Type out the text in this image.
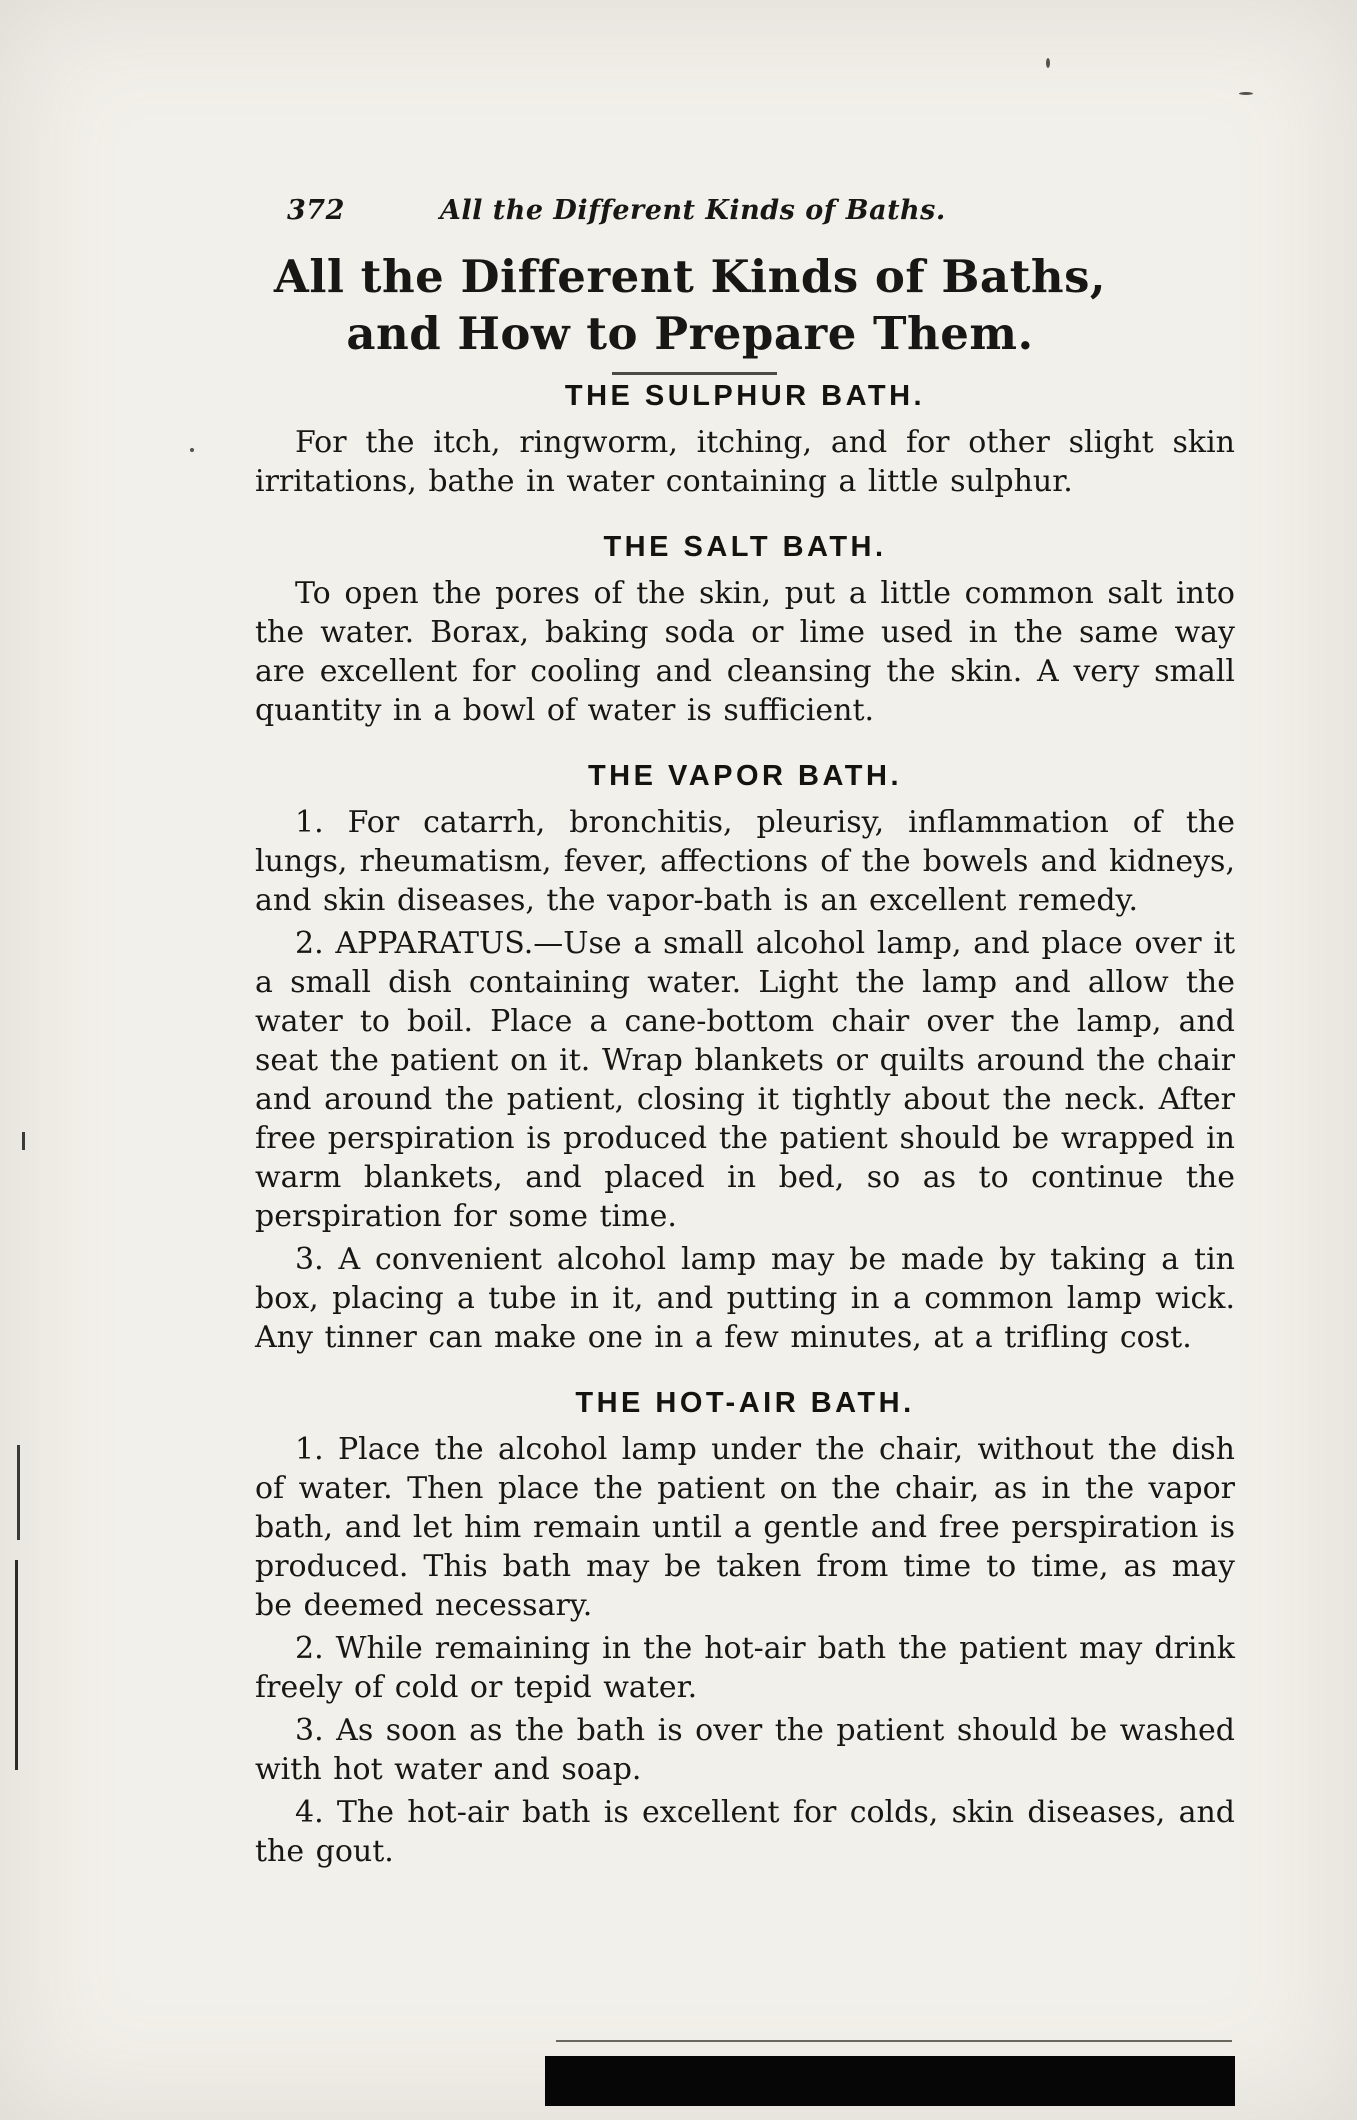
372	All the Different Kinds of Baths.
All the Different Kinds of Baths,
and How to Prepare Them.
THE SULPHUR BATH.

For the itch, ringworm, itching, and for other slight skin irritations, bathe in water containing a little sulphur.

THE SALT BATH.

To open the pores of the skin, put a little common salt into the water. Borax, baking soda or lime used in the same way are excellent for cooling and cleansing the skin. A very small quantity in a bowl of water is sufficient.

THE VAPOR BATH.

1. For catarrh, bronchitis, pleurisy, inflammation of the lungs, rheumatism, fever, affections of the bowels and kidneys, and skin diseases, the vapor-bath is an excellent remedy.

2. APPARATUS.—Use a small alcohol lamp, and place over it a small dish containing water. Light the lamp and allow the water to boil. Place a cane-bottom chair over the lamp, and seat the patient on it. Wrap blankets or quilts around the chair and around the patient, closing it tightly about the neck. After free perspiration is produced the patient should be wrapped in warm blankets, and placed in bed, so as to continue the perspiration for some time.

3. A convenient alcohol lamp may be made by taking a tin box, placing a tube in it, and putting in a common lamp wick. Any tinner can make one in a few minutes, at a trifling cost.

THE HOT-AIR BATH.

1. Place the alcohol lamp under the chair, without the dish of water. Then place the patient on the chair, as in the vapor bath, and let him remain until a gentle and free perspiration is produced. This bath may be taken from time to time, as may be deemed necessary.

2. While remaining in the hot-air bath the patient may drink freely of cold or tepid water.

3. As soon as the bath is over the patient should be washed with hot water and soap.

4. The hot-air bath is excellent for colds, skin diseases, and the gout.
